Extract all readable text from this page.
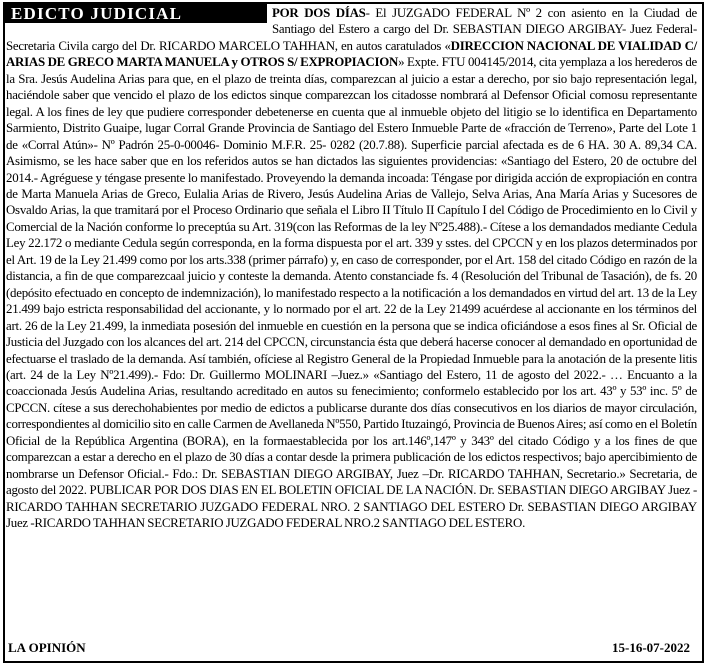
POR DOS DÍAS- El JUZGADO FEDERAL Nº 2 con asiento en la Ciudad de Santiago del Estero a cargo del Dr. SEBASTIAN DIEGO ARGIBAY- Juez Federal- Secretaria Civila cargo del Dr. RICARDO MARCELO TAHHAN, en autos caratulados «DIRECCION NACIONAL DE VIALIDAD C/ ARIAS DE GRECO MARTA MANUELA y OTROS S/ EXPROPIACION» Expte. FTU 004145/2014, cita yemplaza a los herederos de la Sra. Jesús Audelina Arias para que, en el plazo de treinta días, comparezcan al juicio a estar a derecho, por sio bajo representación legal, haciéndole saber que vencido el plazo de los edictos sinque comparezcan los citadosse nombrará al Defensor Oficial comosu representante legal. A los fines de ley que pudiere corresponder debetenerse en cuenta que al inmueble objeto del litigio se lo identifica en Departamento Sarmiento, Distrito Guaipe, lugar Corral Grande Provincia de Santiago del Estero Inmueble Parte de «fracción de Terreno», Parte del Lote 1 de «Corral Atún»- Nº Padrón 25-0-00046- Dominio M.F.R. 25- 0282 (20.7.88). Superficie parcial afectada es de 6 HA. 30 A. 89,34 CA. Asimismo, se les hace saber que en los referidos autos se han dictados las siguientes providencias: «Santiago del Estero, 20 de octubre del 2014.- Agréguese y téngase presente lo manifestado. Proveyendo la demanda incoada: Téngase por dirigida acción de expropiación en contra de Marta Manuela Arias de Greco, Eulalia Arias de Rivero, Jesús Audelina Arias de Vallejo, Selva Arias, Ana María Arias y Sucesores de Osvaldo Arias, la que tramitará por el Proceso Ordinario que señala el Libro II Título II Capítulo I del Código de Procedimiento en lo Civil y Comercial de la Nación conforme lo preceptúa su Art. 319(con las Reformas de la ley Nº25.488).- Cítese a los demandados mediante Cedula Ley 22.172 o mediante Cedula según corresponda, en la forma dispuesta por el art. 339 y sstes. del CPCCN y en los plazos determinados por el Art. 19 de la Ley 21.499 como por los arts.338 (primer párrafo) y, en caso de corresponder, por el Art. 158 del citado Código en razón de la distancia, a fin de que comparezcaal juicio y conteste la demanda. Atento constanciade fs. 4 (Resolución del Tribunal de Tasación), de fs. 20 (depósito efectuado en concepto de indemnización), lo manifestado respecto a la notificación a los demandados en virtud del art. 13 de la Ley 21.499 bajo estricta responsabilidad del accionante, y lo normado por el art. 22 de la Ley 21499 acuérdese al accionante en los términos del art. 26 de la Ley 21.499, la inmediata posesión del inmueble en cuestión en la persona que se indica oficiándose a esos fines al Sr. Oficial de Justicia del Juzgado con los alcances del art. 214 del CPCCN, circunstancia ésta que deberá hacerse conocer al demandado en oportunidad de efectuarse el traslado de la demanda. Así también, ofíciese al Registro General de la Propiedad Inmueble para la anotación de la presente litis (art. 24 de la Ley Nº21.499).- Fdo: Dr. Guillermo MOLINARI –Juez.» «Santiago del Estero, 11 de agosto del 2022.- … Encuanto a la coaccionada Jesús Audelina Arias, resultando acreditado en autos su fenecimiento; conformelo establecido por los art. 43º y 53º inc. 5º de CPCCN. cítese a sus derechohabientes por medio de edictos a publicarse durante dos días consecutivos en los diarios de mayor circulación, correspondientes al domicilio sito en calle Carmen de Avellaneda Nº550, Partido Ituzaingó, Provincia de Buenos Aires; así como en el Boletín Oficial de la República Argentina (BORA), en la formaestablecida por los art.146º,147º y 343º del citado Código y a los fines de que comparezcan a estar a derecho en el plazo de 30 días a contar desde la primera publicación de los edictos respectivos; bajo apercibimiento de nombrarse un Defensor Oficial.- Fdo.: Dr. SEBASTIAN DIEGO ARGIBAY, Juez –Dr. RICARDO TAHHAN, Secretario.» Secretaria, de agosto del 2022. PUBLICAR POR DOS DIAS EN EL BOLETIN OFICIAL DE LA NACIÓN. Dr. SEBASTIAN DIEGO ARGIBAY Juez -RICARDO TAHHAN SECRETARIO JUZGADO FEDERAL NRO. 2 SANTIAGO DEL ESTERO Dr. SEBASTIAN DIEGO ARGIBAY Juez -RICARDO TAHHAN SECRETARIO JUZGADO FEDERAL NRO.2 SANTIAGO DEL ESTERO.
EDICTO JUDICIAL
LA OPINIÓN	15-16-07-2022
